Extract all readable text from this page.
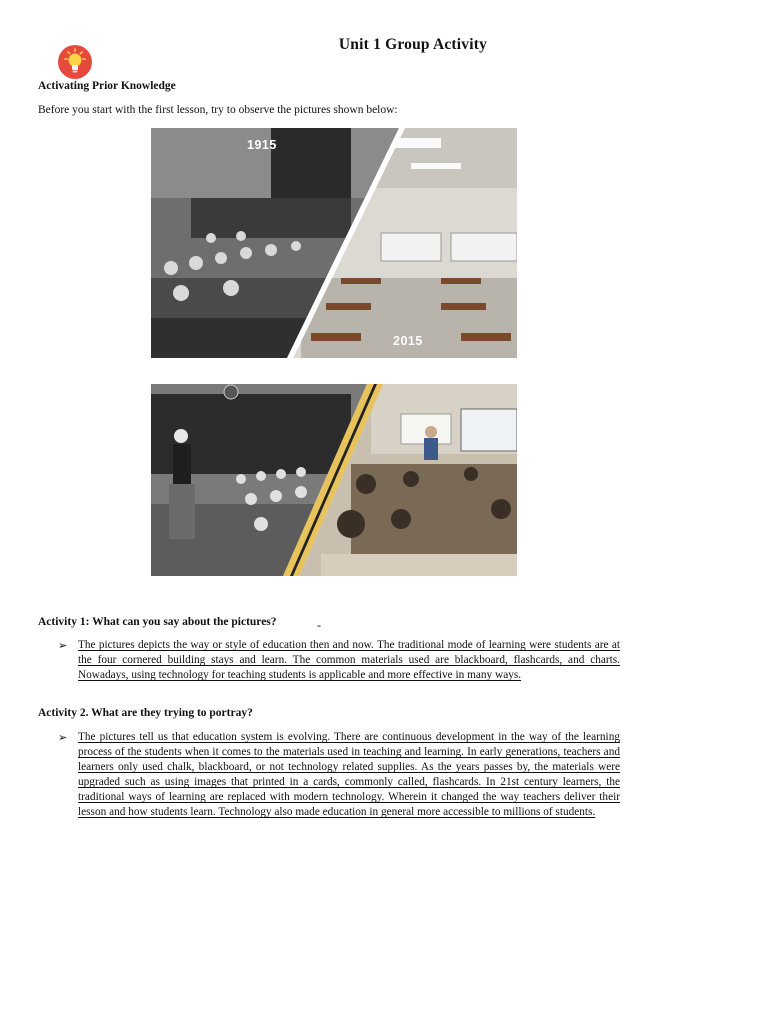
Unit 1 Group Activity
Activating Prior Knowledge
Before you start with the first lesson, try to observe the pictures shown below:
1915
2015
Activity 1: What can you say about the pictures?	-
➢ The pictures depicts the way or style of education then and now. The traditional mode of learning were students are at the four cornered building stays and learn. The common materials used are blackboard, flashcards, and charts. Nowadays, using technology for teaching students is applicable and more effective in many ways.
Activity 2. What are they trying to portray?
➢ The pictures tell us that education system is evolving. There are continuous development in the way of the learning process of the students when it comes to the materials used in teaching and learning. In early generations, teachers and learners only used chalk, blackboard, or not technology related supplies. As the years passes by, the materials were upgraded such as using images that printed in a cards, commonly called, flashcards. In 21st century learners, the traditional ways of learning are replaced with modern technology. Wherein it changed the way teachers deliver their lesson and how students learn. Technology also made education in general more accessible to millions of students.
